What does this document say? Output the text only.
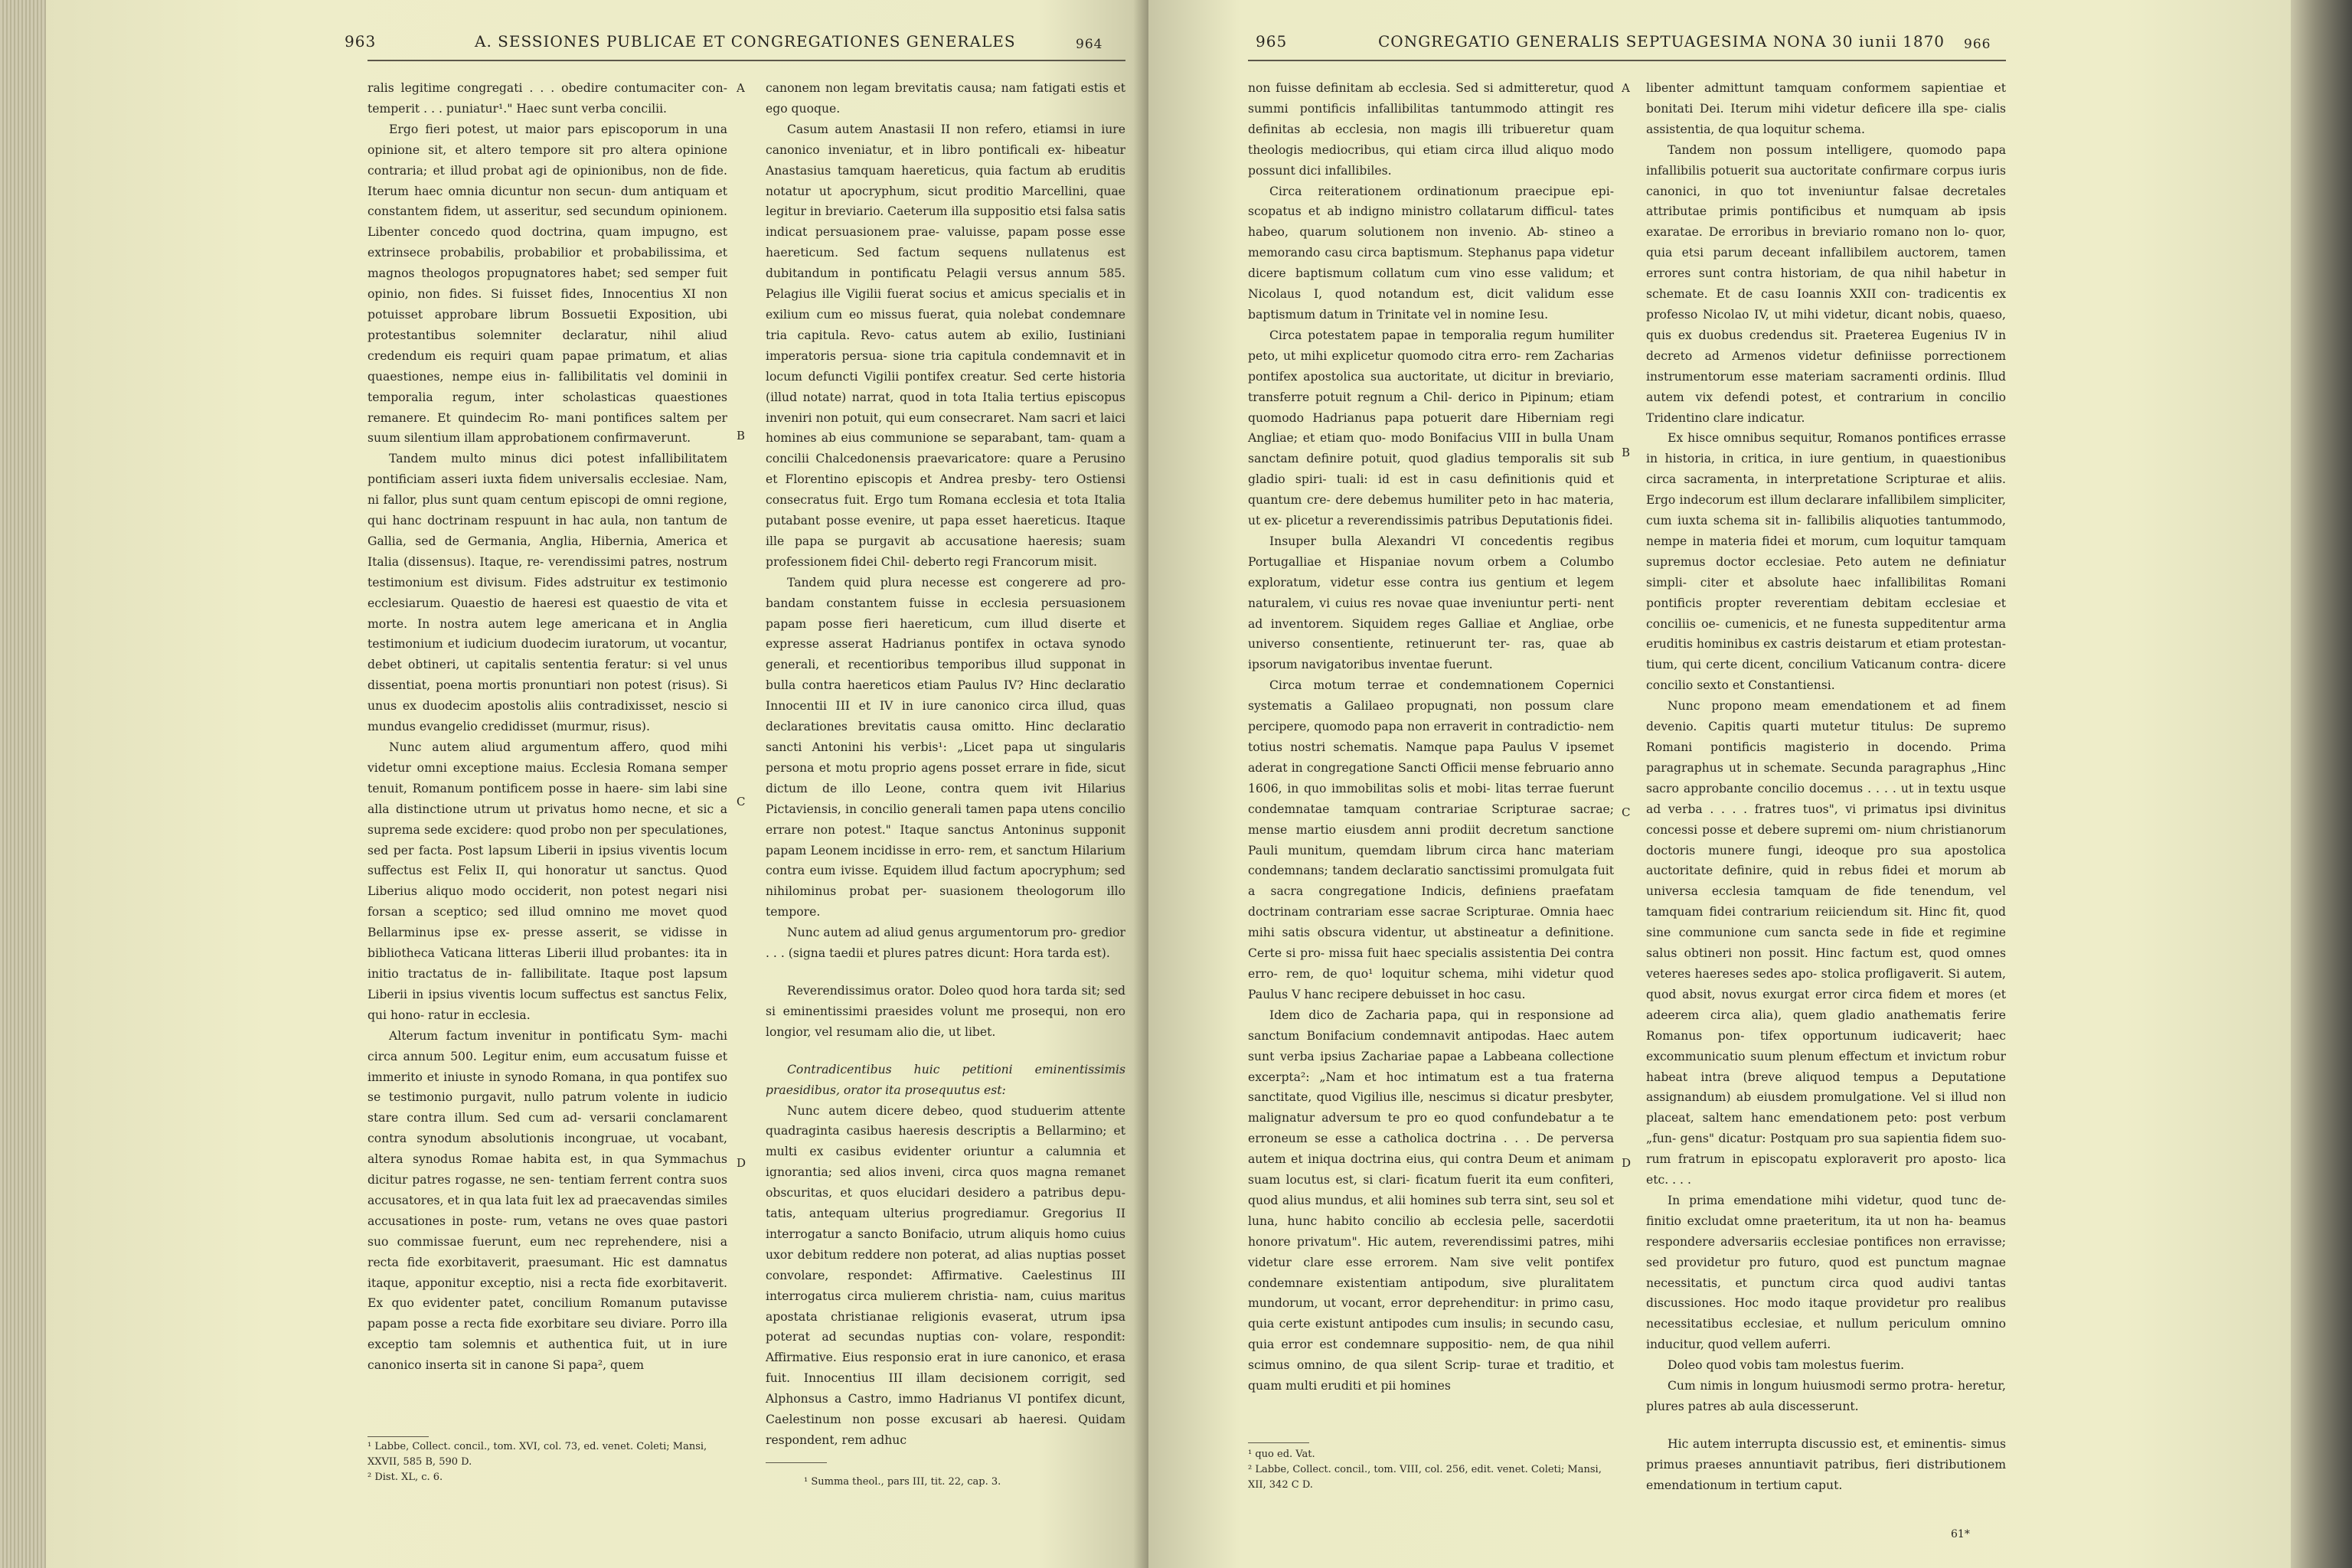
963	A. SESSIONES PUBLICAE ET CONGREGATIONES GENERALES	964

ralis legitime congregati . . . obedire contumaciter con- temperit . . . puniatur¹." Haec sunt verba concilii.

Ergo fieri potest, ut maior pars episcoporum in una opinione sit, et altero tempore sit pro altera opinione contraria; et illud probat agi de opinionibus, non de fide. Iterum haec omnia dicuntur non secun- dum antiquam et constantem fidem, ut asseritur, sed secundum opinionem. Libenter concedo quod doctrina, quam impugno, est extrinsece probabilis, probabilior et probabilissima, et magnos theologos propugnatores habet; sed semper fuit opinio, non fides. Si fuisset fides, Innocentius XI non potuisset approbare librum Bossuetii Exposition, ubi protestantibus solemniter declaratur, nihil aliud credendum eis requiri quam papae primatum, et alias quaestiones, nempe eius in- fallibilitatis vel dominii in temporalia regum, inter scholasticas quaestiones remanere. Et quindecim Ro- mani pontifices saltem per suum silentium illam approbationem confirmaverunt.

Tandem multo minus dici potest infallibilitatem pontificiam asseri iuxta fidem universalis ecclesiae. Nam, ni fallor, plus sunt quam centum episcopi de omni regione, qui hanc doctrinam respuunt in hac aula, non tantum de Gallia, sed de Germania, Anglia, Hibernia, America et Italia (dissensus). Itaque, re- verendissimi patres, nostrum testimonium est divisum. Fides adstruitur ex testimonio ecclesiarum. Quaestio de haeresi est quaestio de vita et morte. In nostra autem lege americana et in Anglia testimonium et iudicium duodecim iuratorum, ut vocantur, debet obtineri, ut capitalis sententia feratur: si vel unus dissentiat, poena mortis pronuntiari non potest (risus). Si unus ex duodecim apostolis aliis contradixisset, nescio si mundus evangelio credidisset (murmur, risus).

Nunc autem aliud argumentum affero, quod mihi videtur omni exceptione maius. Ecclesia Romana semper tenuit, Romanum pontificem posse in haere- sim labi sine alla distinctione utrum ut privatus homo necne, et sic a suprema sede excidere: quod probo non per speculationes, sed per facta. Post lapsum Liberii in ipsius viventis locum suffectus est Felix II, qui honoratur ut sanctus. Quod Liberius aliquo modo occiderit, non potest negari nisi forsan a sceptico; sed illud omnino me movet quod Bellarminus ipse ex- presse asserit, se vidisse in bibliotheca Vaticana litteras Liberii illud probantes: ita in initio tractatus de in- fallibilitate. Itaque post lapsum Liberii in ipsius viventis locum suffectus est sanctus Felix, qui hono- ratur in ecclesia.

Alterum factum invenitur in pontificatu Sym- machi circa annum 500. Legitur enim, eum accusatum fuisse et immerito et iniuste in synodo Romana, in qua pontifex suo se testimonio purgavit, nullo patrum volente in iudicio stare contra illum. Sed cum ad- versarii conclamarent contra synodum absolutionis incongruae, ut vocabant, altera synodus Romae habita est, in qua Symmachus dicitur patres rogasse, ne sen- tentiam ferrent contra suos accusatores, et in qua lata fuit lex ad praecavendas similes accusationes in poste- rum, vetans ne oves quae pastori suo commissae fuerunt, eum nec reprehendere, nisi a recta fide exorbitaverit, praesumant. Hic est damnatus itaque, apponitur exceptio, nisi a recta fide exorbitaverit. Ex quo evidenter patet, concilium Romanum putavisse papam posse a recta fide exorbitare seu diviare. Porro illa exceptio tam solemnis et authentica fuit, ut in iure canonico inserta sit in canone Si papa², quem

canonem non legam brevitatis causa; nam fatigati estis et ego quoque.

Casum autem Anastasii II non refero, etiamsi in iure canonico inveniatur, et in libro pontificali ex- hibeatur Anastasius tamquam haereticus, quia factum ab eruditis notatur ut apocryphum, sicut proditio Marcellini, quae legitur in breviario. Caeterum illa suppositio etsi falsa satis indicat persuasionem prae- valuisse, papam posse esse haereticum. Sed factum sequens nullatenus est dubitandum in pontificatu Pelagii versus annum 585. Pelagius ille Vigilii fuerat socius et amicus specialis et in exilium cum eo missus fuerat, quia nolebat condemnare tria capitula. Revo- catus autem ab exilio, Iustiniani imperatoris persua- sione tria capitula condemnavit et in locum defuncti Vigilii pontifex creatur. Sed certe historia (illud notate) narrat, quod in tota Italia tertius episcopus inveniri non potuit, qui eum consecraret. Nam sacri et laici homines ab eius communione se separabant, tam- quam a concilii Chalcedonensis praevaricatore: quare a Perusino et Florentino episcopis et Andrea presby- tero Ostiensi consecratus fuit. Ergo tum Romana ecclesia et tota Italia putabant posse evenire, ut papa esset haereticus. Itaque ille papa se purgavit ab accusatione haeresis; suam professionem fidei Chil- deberto regi Francorum misit.

Tandem quid plura necesse est congerere ad pro- bandam constantem fuisse in ecclesia persuasionem papam posse fieri haereticum, cum illud diserte et expresse asserat Hadrianus pontifex in octava synodo generali, et recentioribus temporibus illud supponat in bulla contra haereticos etiam Paulus IV? Hinc declaratio Innocentii III et IV in iure canonico circa illud, quas declarationes brevitatis causa omitto. Hinc declaratio sancti Antonini his verbis¹: „Licet papa ut singularis persona et motu proprio agens posset errare in fide, sicut dictum de illo Leone, contra quem ivit Hilarius Pictaviensis, in concilio generali tamen papa utens concilio errare non potest." Itaque sanctus Antoninus supponit papam Leonem incidisse in erro- rem, et sanctum Hilarium contra eum ivisse. Equidem illud factum apocryphum; sed nihilominus probat per- suasionem theologorum illo tempore.

Nunc autem ad aliud genus argumentorum pro- gredior . . . (signa taedii et plures patres dicunt: Hora tarda est).

Reverendissimus orator. Doleo quod hora tarda sit; sed si eminentissimi praesides volunt me prosequi, non ero longior, vel resumam alio die, ut libet.

Contradicentibus huic petitioni eminentissimis praesidibus, orator ita prosequutus est:

Nunc autem dicere debeo, quod studuerim attente quadraginta casibus haeresis descriptis a Bellarmino; et multi ex casibus evidenter oriuntur a calumnia et ignorantia; sed alios inveni, circa quos magna remanet obscuritas, et quos elucidari desidero a patribus depu- tatis, antequam ulterius progrediamur. Gregorius II interrogatur a sancto Bonifacio, utrum aliquis homo cuius uxor debitum reddere non poterat, ad alias nuptias posset convolare, respondet: Affirmative. Caelestinus III interrogatus circa mulierem christia- nam, cuius maritus apostata christianae religionis evaserat, utrum ipsa poterat ad secundas nuptias con- volare, respondit: Affirmative. Eius responsio erat in iure canonico, et erasa fuit. Innocentius III illam decisionem corrigit, sed Alphonsus a Castro, immo Hadrianus VI pontifex dicunt, Caelestinum non posse excusari ab haeresi. Quidam respondent, rem adhuc

A
B
C
D
¹ Labbe, Collect. concil., tom. XVI, col. 73, ed. venet. Coleti; Mansi, XXVII, 585 B, 590 D.
² Dist. XL, c. 6.	¹ Summa theol., pars III, tit. 22, cap. 3.
965	CONGREGATIO GENERALIS SEPTUAGESIMA NONA 30 iunii 1870 966

non fuisse definitam ab ecclesia. Sed si admitteretur, quod summi pontificis infallibilitas tantummodo attingit res definitas ab ecclesia, non magis illi tribueretur quam theologis mediocribus, qui etiam circa illud aliquo modo possunt dici infallibiles.

Circa reiterationem ordinationum praecipue epi- scopatus et ab indigno ministro collatarum difficul- tates habeo, quarum solutionem non invenio. Ab- stineo a memorando casu circa baptismum. Stephanus papa videtur dicere baptismum collatum cum vino esse validum; et Nicolaus I, quod notandum est, dicit validum esse baptismum datum in Trinitate vel in nomine Iesu.

Circa potestatem papae in temporalia regum humiliter peto, ut mihi explicetur quomodo citra erro- rem Zacharias pontifex apostolica sua auctoritate, ut dicitur in breviario, transferre potuit regnum a Chil- derico in Pipinum; etiam quomodo Hadrianus papa potuerit dare Hiberniam regi Angliae; et etiam quo- modo Bonifacius VIII in bulla Unam sanctam definire potuit, quod gladius temporalis sit sub gladio spiri- tuali: id est in casu definitionis quid et quantum cre- dere debemus humiliter peto in hac materia, ut ex- plicetur a reverendissimis patribus Deputationis fidei.

Insuper bulla Alexandri VI concedentis regibus Portugalliae et Hispaniae novum orbem a Columbo exploratum, videtur esse contra ius gentium et legem naturalem, vi cuius res novae quae inveniuntur perti- nent ad inventorem. Siquidem reges Galliae et Angliae, orbe universo consentiente, retinuerunt ter- ras, quae ab ipsorum navigatoribus inventae fuerunt.

Circa motum terrae et condemnationem Copernici systematis a Galilaeo propugnati, non possum clare percipere, quomodo papa non erraverit in contradictio- nem totius nostri schematis. Namque papa Paulus V ipsemet aderat in congregatione Sancti Officii mense februario anno 1606, in quo immobilitas solis et mobi- litas terrae fuerunt condemnatae tamquam contrariae Scripturae sacrae; mense martio eiusdem anni prodiit decretum sanctione Pauli munitum, quemdam librum circa hanc materiam condemnans; tandem declaratio sanctissimi promulgata fuit a sacra congregatione Indicis, definiens praefatam doctrinam contrariam esse sacrae Scripturae. Omnia haec mihi satis obscura videntur, ut abstineatur a definitione. Certe si pro- missa fuit haec specialis assistentia Dei contra erro- rem, de quo¹ loquitur schema, mihi videtur quod Paulus V hanc recipere debuisset in hoc casu.

Idem dico de Zacharia papa, qui in responsione ad sanctum Bonifacium condemnavit antipodas. Haec autem sunt verba ipsius Zachariae papae a Labbeana collectione excerpta²: „Nam et hoc intimatum est a tua fraterna sanctitate, quod Vigilius ille, nescimus si dicatur presbyter, malignatur adversum te pro eo quod confundebatur a te erroneum se esse a catholica doctrina . . . De perversa autem et iniqua doctrina eius, qui contra Deum et animam suam locutus est, si clari- ficatum fuerit ita eum confiteri, quod alius mundus, et alii homines sub terra sint, seu sol et luna, hunc habito concilio ab ecclesia pelle, sacerdotii honore privatum". Hic autem, reverendissimi patres, mihi videtur clare esse errorem. Nam sive velit pontifex condemnare existentiam antipodum, sive pluralitatem mundorum, ut vocant, error deprehenditur: in primo casu, quia certe existunt antipodes cum insulis; in secundo casu, quia error est condemnare suppositio- nem, de qua nihil scimus omnino, de qua silent Scrip- turae et traditio, et quam multi eruditi et pii homines

libenter admittunt tamquam conformem sapientiae et bonitati Dei. Iterum mihi videtur deficere illa spe- cialis assistentia, de qua loquitur schema.

Tandem non possum intelligere, quomodo papa infallibilis potuerit sua auctoritate confirmare corpus iuris canonici, in quo tot inveniuntur falsae decretales attributae primis pontificibus et numquam ab ipsis exaratae. De erroribus in breviario romano non lo- quor, quia etsi parum deceant infallibilem auctorem, tamen errores sunt contra historiam, de qua nihil habetur in schemate. Et de casu Ioannis XXII con- tradicentis ex professo Nicolao IV, ut mihi videtur, dicant nobis, quaeso, quis ex duobus credendus sit. Praeterea Eugenius IV in decreto ad Armenos videtur definiisse porrectionem instrumentorum esse materiam sacramenti ordinis. Illud autem vix defendi potest, et contrarium in concilio Tridentino clare indicatur.

Ex hisce omnibus sequitur, Romanos pontifices errasse in historia, in critica, in iure gentium, in quaestionibus circa sacramenta, in interpretatione Scripturae et aliis. Ergo indecorum est illum declarare infallibilem simpliciter, cum iuxta schema sit in- fallibilis aliquoties tantummodo, nempe in materia fidei et morum, cum loquitur tamquam supremus doctor ecclesiae. Peto autem ne definiatur simpli- citer et absolute haec infallibilitas Romani pontificis propter reverentiam debitam ecclesiae et conciliis oe- cumenicis, et ne funesta suppeditentur arma eruditis hominibus ex castris deistarum et etiam protestan- tium, qui certe dicent, concilium Vaticanum contra- dicere concilio sexto et Constantiensi.

Nunc propono meam emendationem et ad finem devenio. Capitis quarti mutetur titulus: De supremo Romani pontificis magisterio in docendo. Prima paragraphus ut in schemate. Secunda paragraphus „Hinc sacro approbante concilio docemus . . . . ut in textu usque ad verba . . . . fratres tuos", vi primatus ipsi divinitus concessi posse et debere supremi om- nium christianorum doctoris munere fungi, ideoque pro sua apostolica auctoritate definire, quid in rebus fidei et morum ab universa ecclesia tamquam de fide tenendum, vel tamquam fidei contrarium reiiciendum sit. Hinc fit, quod sine communione cum sancta sede in fide et regimine salus obtineri non possit. Hinc factum est, quod omnes veteres haereses sedes apo- stolica profligaverit. Si autem, quod absit, novus exurgat error circa fidem et mores (et adeerem circa alia), quem gladio anathematis ferire Romanus pon- tifex opportunum iudicaverit; haec excommunicatio suum plenum effectum et invictum robur habeat intra (breve aliquod tempus a Deputatione assignandum) ab eiusdem promulgatione. Vel si illud non placeat, saltem hanc emendationem peto: post verbum „fun- gens" dicatur: Postquam pro sua sapientia fidem suo- rum fratrum in episcopatu exploraverit pro aposto- lica etc. . . .

In prima emendatione mihi videtur, quod tunc de- finitio excludat omne praeteritum, ita ut non ha- beamus respondere adversariis ecclesiae pontifices non erravisse; sed providetur pro futuro, quod est punctum magnae necessitatis, et punctum circa quod audivi tantas discussiones. Hoc modo itaque providetur pro realibus necessitatibus ecclesiae, et nullum periculum omnino inducitur, quod vellem auferri.

Doleo quod vobis tam molestus fuerim.

Cum nimis in longum huiusmodi sermo protra- heretur, plures patres ab aula discesserunt.

Hic autem interrupta discussio est, et eminentis- simus primus praeses annuntiavit patribus, fieri distributionem emendationum in tertium caput.

A
B
C
D
¹ quo ed. Vat.
² Labbe, Collect. concil., tom. VIII, col. 256, edit. venet. Coleti; Mansi, XII, 342 C D.
61*
